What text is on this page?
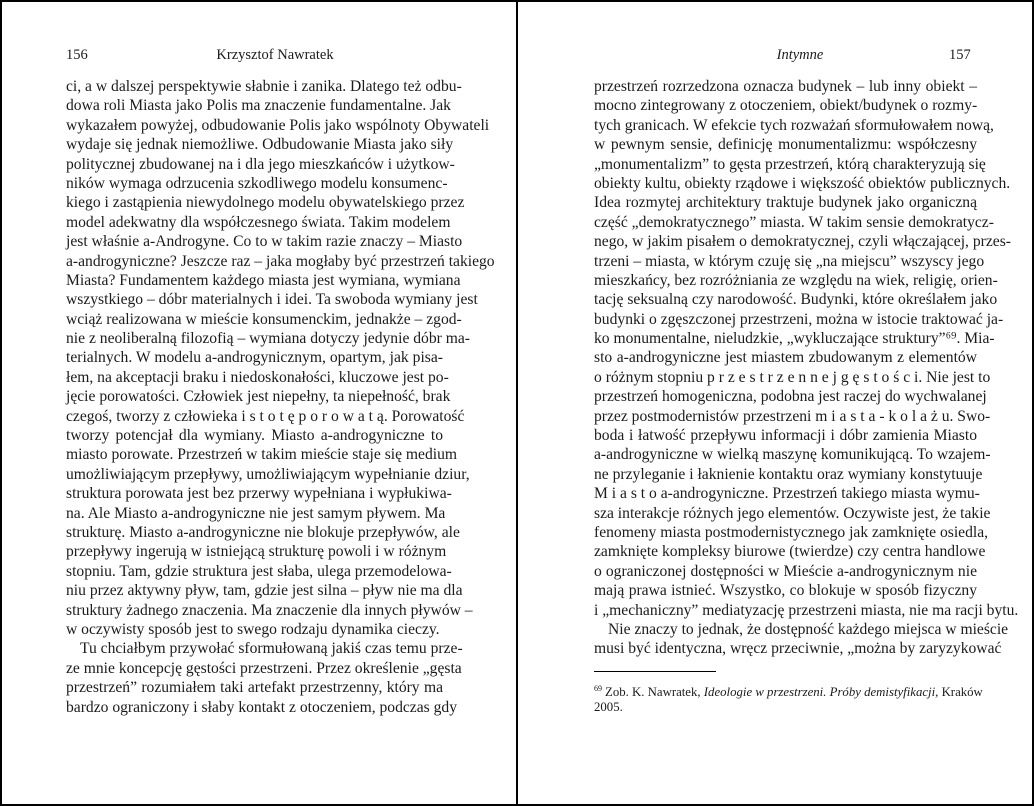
156	Krzysztof Nawratek
ci, a w dalszej perspektywie słabnie i zanika. Dlatego też odbu-
dowa roli Miasta jako Polis ma znaczenie fundamentalne. Jak
wykazałem powyżej, odbudowanie Polis jako wspólnoty Obywateli
wydaje się jednak niemożliwe. Odbudowanie Miasta jako siły
politycznej zbudowanej na i dla jego mieszkańców i użytkow-
ników wymaga odrzucenia szkodliwego modelu konsumenc-
kiego i zastąpienia niewydolnego modelu obywatelskiego przez
model adekwatny dla współczesnego świata. Takim modelem
jest właśnie a-Androgyne. Co to w takim razie znaczy – Miasto
a-androgyniczne? Jeszcze raz – jaka mogłaby być przestrzeń takiego
Miasta? Fundamentem każdego miasta jest wymiana, wymiana
wszystkiego – dóbr materialnych i idei. Ta swoboda wymiany jest
wciąż realizowana w mieście konsumenckim, jednakże – zgod-
nie z neoliberalną filozofią – wymiana dotyczy jedynie dóbr ma-
terialnych. W modelu a-androgynicznym, opartym, jak pisa-
łem, na akceptacji braku i niedoskonałości, kluczowe jest po-
jęcie porowatości. Człowiek jest niepełny, ta niepełność, brak
czegoś, tworzy z człowieka i s t o t ę p o r o w a t ą. Porowatość
tworzy potencjał dla wymiany. Miasto a-androgyniczne to
miasto porowate. Przestrzeń w takim mieście staje się medium
umożliwiającym przepływy, umożliwiającym wypełnianie dziur,
struktura porowata jest bez przerwy wypełniana i wypłukiwa-
na. Ale Miasto a-androgyniczne nie jest samym pływem. Ma
strukturę. Miasto a-androgyniczne nie blokuje przepływów, ale
przepływy ingerują w istniejącą strukturę powoli i w różnym
stopniu. Tam, gdzie struktura jest słaba, ulega przemodelowa-
niu przez aktywny pływ, tam, gdzie jest silna – pływ nie ma dla
struktury żadnego znaczenia. Ma znaczenie dla innych pływów –
w oczywisty sposób jest to swego rodzaju dynamika cieczy.
Tu chciałbym przywołać sformułowaną jakiś czas temu prze-
ze mnie koncepcję gęstości przestrzeni. Przez określenie „gęsta
przestrzeń” rozumiałem taki artefakt przestrzenny, który ma
bardzo ograniczony i słaby kontakt z otoczeniem, podczas gdy
Intymne	157
przestrzeń rozrzedzona oznacza budynek – lub inny obiekt –
mocno zintegrowany z otoczeniem, obiekt/budynek o rozmy-
tych granicach. W efekcie tych rozważań sformułowałem nową,
w pewnym sensie, definicję monumentalizmu: współczesny
„monumentalizm” to gęsta przestrzeń, którą charakteryzują się
obiekty kultu, obiekty rządowe i większość obiektów publicznych.
Idea rozmytej architektury traktuje budynek jako organiczną
część „demokratycznego” miasta. W takim sensie demokratycz-
nego, w jakim pisałem o demokratycznej, czyli włączającej, przes-
trzeni – miasta, w którym czuję się „na miejscu” wszyscy jego
mieszkańcy, bez rozróżniania ze względu na wiek, religię, orien-
tację seksualną czy narodowość. Budynki, które określałem jako
budynki o zgęszczonej przestrzeni, można w istocie traktować ja-
ko monumentalne, nieludzkie, „wykluczające struktury”⁶⁹. Mia-
sto a-androgyniczne jest miastem zbudowanym z elementów
o różnym stopniu p r z e s t r z e n n e j g ę s t o ś c i. Nie jest to
przestrzeń homogeniczna, podobna jest raczej do wychwalanej
przez postmodernistów przestrzeni m i a s t a - k o l a ż u. Swo-
boda i łatwość przepływu informacji i dóbr zamienia Miasto
a-androgyniczne w wielką maszynę komunikującą. To wzajem-
ne przyleganie i łaknienie kontaktu oraz wymiany konstytuuje
M i a s t o a-androgyniczne. Przestrzeń takiego miasta wymu-
sza interakcje różnych jego elementów. Oczywiste jest, że takie
fenomeny miasta postmodernistycznego jak zamknięte osiedla,
zamknięte kompleksy biurowe (twierdze) czy centra handlowe
o ograniczonej dostępności w Mieście a-androgynicznym nie
mają prawa istnieć. Wszystko, co blokuje w sposób fizyczny
i „mechaniczny” mediatyzację przestrzeni miasta, nie ma racji bytu.
Nie znaczy to jednak, że dostępność każdego miejsca w mieście
musi być identyczna, wręcz przeciwnie, „można by zaryzykować
$^{69}$ Zob. K. Nawratek, Ideologie w przestrzeni. Próby demistyfikacji, Kraków
2005.
